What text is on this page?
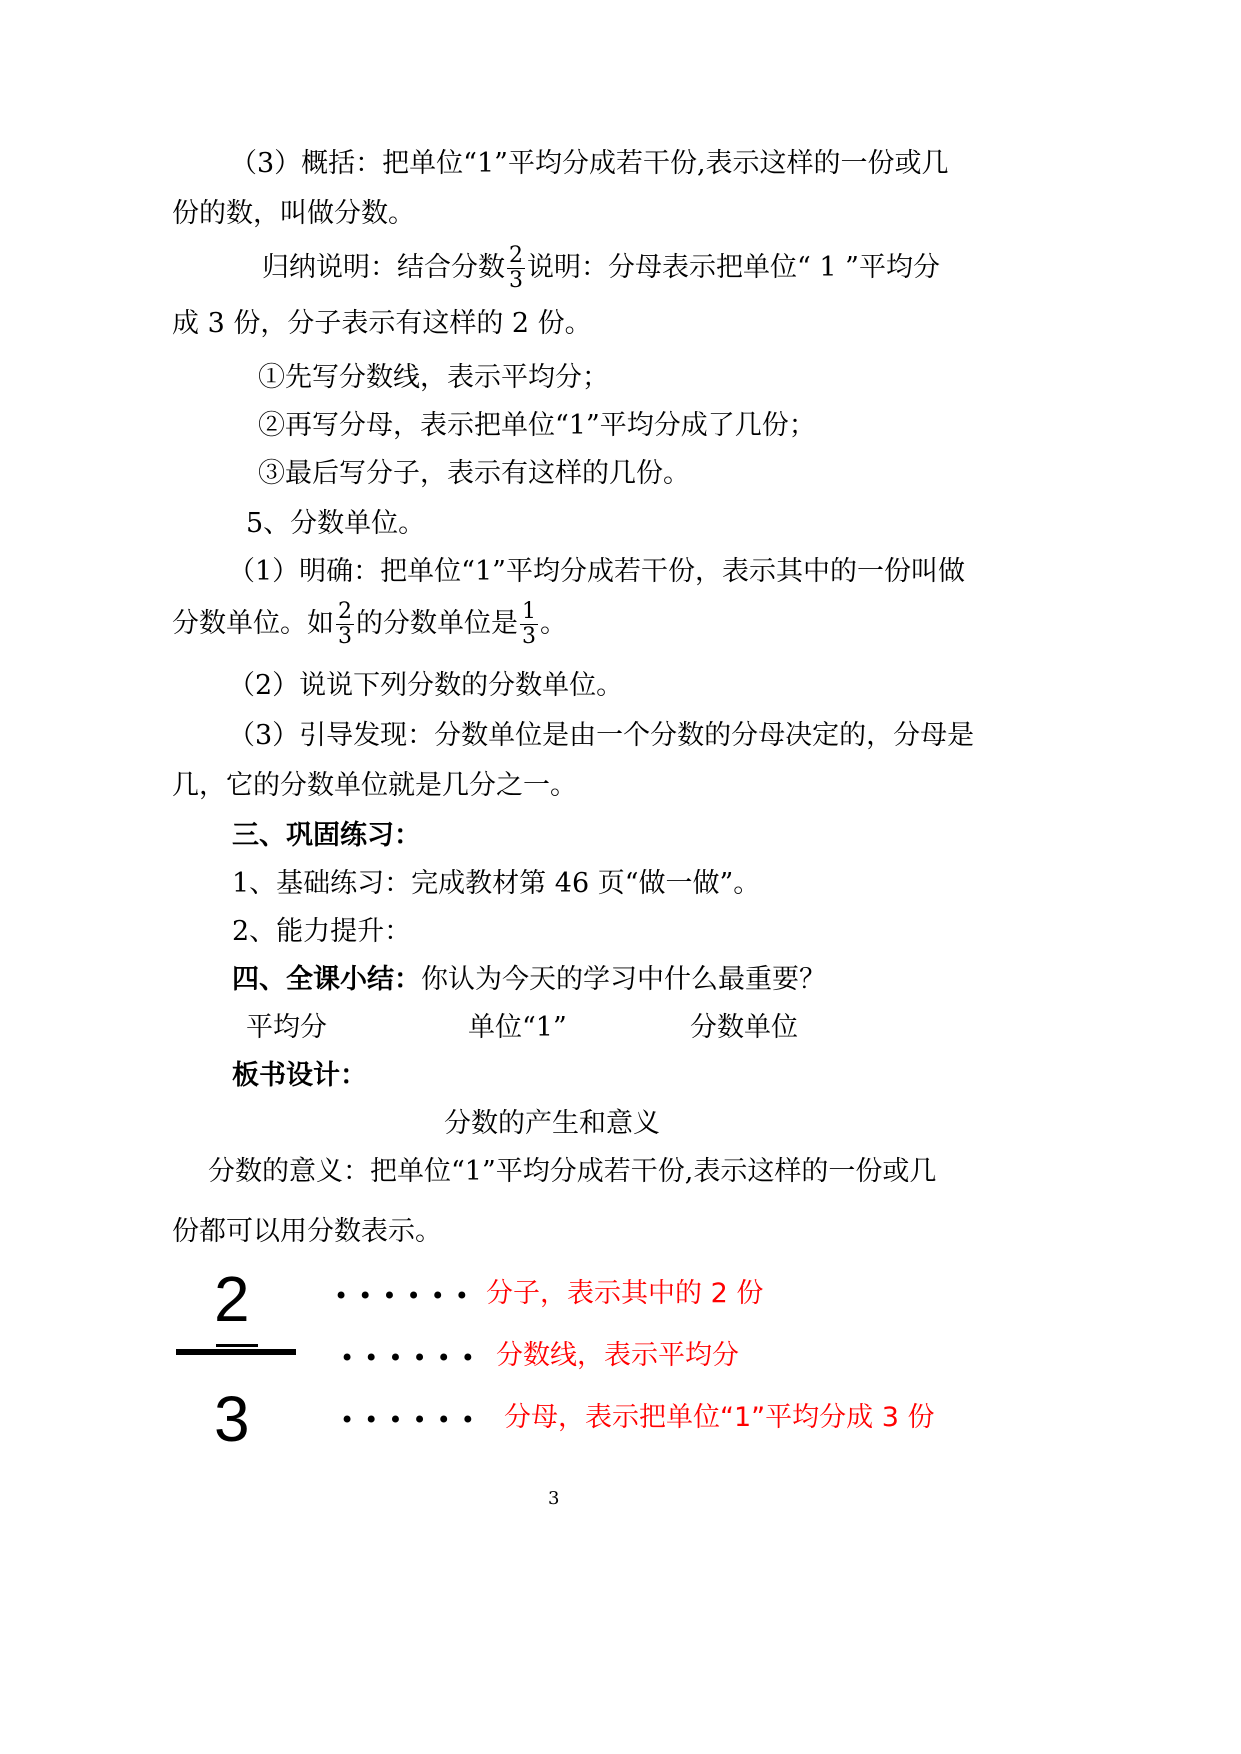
（3）概括：把单位“1”平均分成若干份,表示这样的一份或几
份的数，叫做分数。
归纳说明：结合分数 $\frac{2}{3}$ 说明：分母表示把单位“ 1 ”平均分
成 3 份，分子表示有这样的 2 份。
①先写分数线，表示平均分；
②再写分母，表示把单位“1”平均分成了几份；
③最后写分子，表示有这样的几份。
5、分数单位。
（1）明确：把单位“1”平均分成若干份，表示其中的一份叫做
分数单位。如 $\frac{2}{3}$ 的分数单位是 $\frac{1}{3}$ 。
（2）说说下列分数的分数单位。
（3）引导发现：分数单位是由一个分数的分母决定的，分母是
几，它的分数单位就是几分之一。
三、巩固练习：
1、基础练习：完成教材第 46 页“做一做”。
2、能力提升：
四、全课小结：你认为今天的学习中什么最重要？
平均分	单位“1”	分数单位
板书设计：
分数的产生和意义
分数的意义：把单位“1”平均分成若干份,表示这样的一份或几
份都可以用分数表示。
2
3
•••••• 分子，表示其中的 2 份
•••••• 分数线，表示平均分
•••••• 分母，表示把单位“1”平均分成 3 份
3
